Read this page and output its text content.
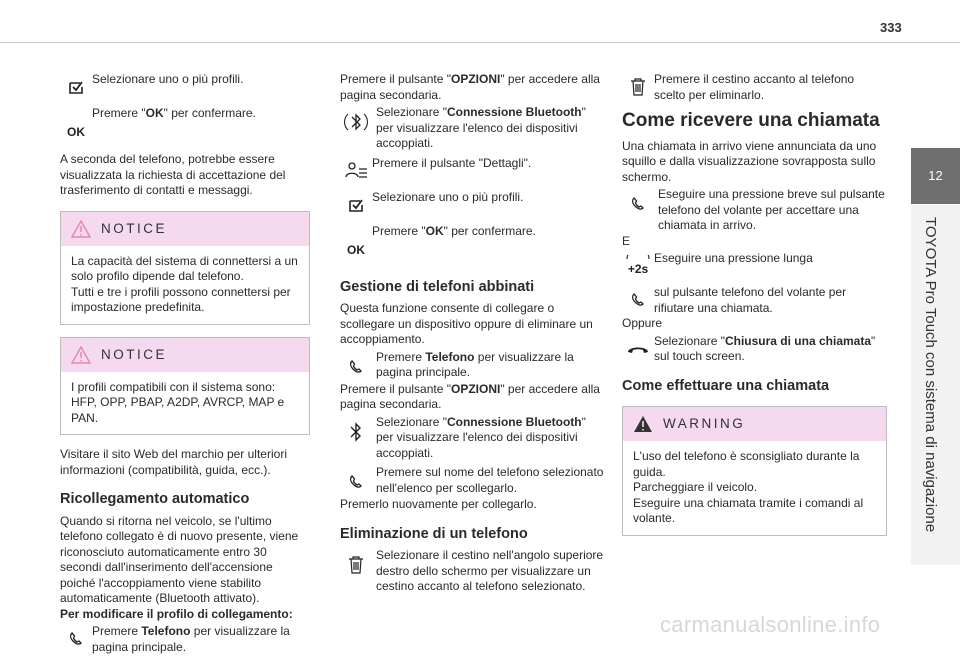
333
12
TOYOTA Pro Touch con sistema di navigazione
Selezionare uno o più profili.
OK
Premere "OK" per confermare.

A seconda del telefono, potrebbe essere visualizzata la richiesta di accettazione del trasferimento di contatti e messaggi.

NOTICE

La capacità del sistema di connettersi a un solo profilo dipende dal telefono.

Tutti e tre i profili possono connettersi per impostazione predefinita.

NOTICE

I profili compatibili con il sistema sono: HFP, OPP, PBAP, A2DP, AVRCP, MAP e PAN.

Visitare il sito Web del marchio per ulteriori informazioni (compatibilità, guida, ecc.).

Ricollegamento automatico

Quando si ritorna nel veicolo, se l'ultimo telefono collegato è di nuovo presente, viene riconosciuto automaticamente entro 30 secondi dall'inserimento dell'accensione poiché l'accoppiamento viene stabilito automaticamente (Bluetooth attivato).

Per modificare il profilo di collegamento:

Premere Telefono per visualizzare la pagina principale.

Premere il pulsante "OPZIONI" per accedere alla pagina secondaria.

Selezionare "Connessione Bluetooth" per visualizzare l'elenco dei dispositivi accoppiati.
Premere il pulsante "Dettagli".
Selezionare uno o più profili.
OK
Premere "OK" per confermare.
Gestione di telefoni abbinati

Questa funzione consente di collegare o scollegare un dispositivo oppure di eliminare un accoppiamento.

Premere Telefono per visualizzare la pagina principale.

Premere il pulsante "OPZIONI" per accedere alla pagina secondaria.

Selezionare "Connessione Bluetooth" per visualizzare l'elenco dei dispositivi accoppiati.
Premere sul nome del telefono selezionato nell'elenco per scollegarlo.

Premerlo nuovamente per collegarlo.

Eliminazione di un telefono
Selezionare il cestino nell'angolo superiore destro dello schermo per visualizzare un cestino accanto al telefono selezionato.
Premere il cestino accanto al telefono scelto per eliminarlo.
Come ricevere una chiamata

Una chiamata in arrivo viene annunciata da uno squillo e dalla visualizzazione sovrapposta sullo schermo.

Eseguire una pressione breve sul pulsante telefono del volante per accettare una chiamata in arrivo.

E

+2s
Eseguire una pressione lunga
sul pulsante telefono del volante per rifiutare una chiamata.

Oppure

Selezionare "Chiusura di una chiamata" sul touch screen.
Come effettuare una chiamata
WARNING

L'uso del telefono è sconsigliato durante la guida.

Parcheggiare il veicolo.

Eseguire una chiamata tramite i comandi al volante.

carmanualsonline.info
